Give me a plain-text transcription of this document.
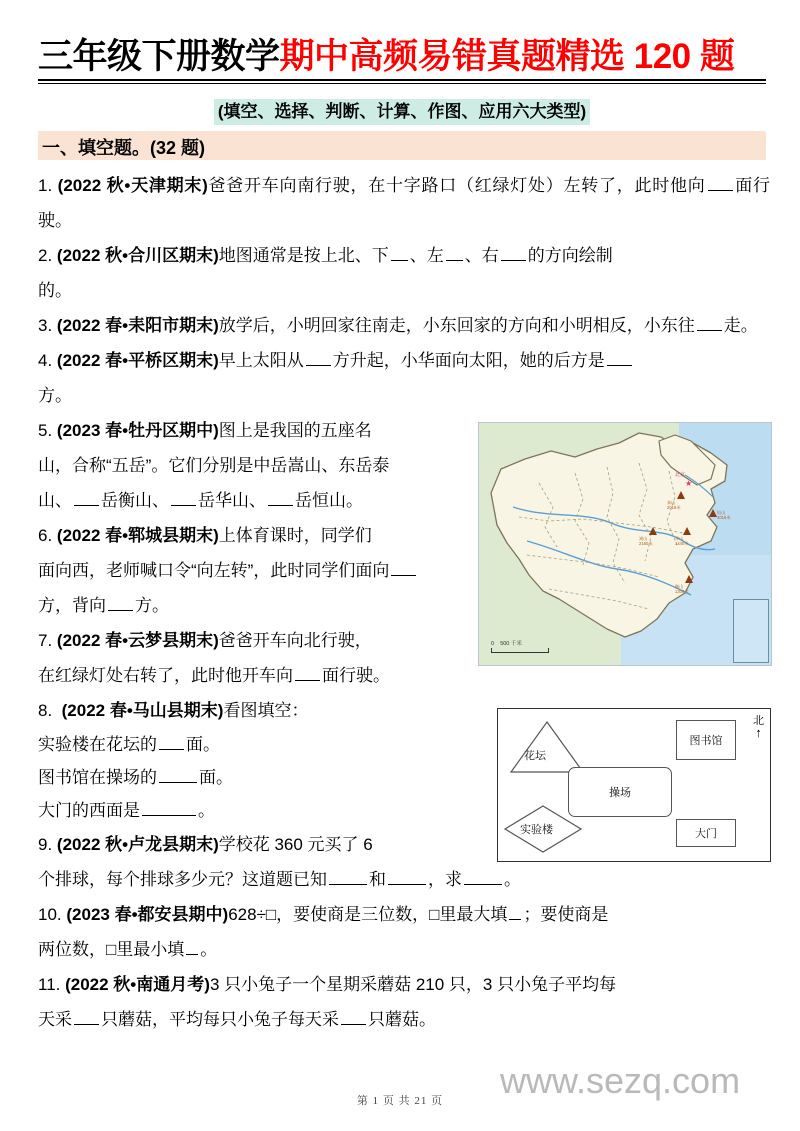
三年级下册数学期中高频易错真题精选 120 题
(填空、选择、判断、计算、作图、应用六大类型)
一、填空题。(32 题)
1. (2022 秋•天津期末)爸爸开车向南行驶，在十字路口（红绿灯处）左转了，此时他向 面行驶。
2. (2022 秋•合川区期末)地图通常是按上北、下 、左 、右 的方向绘制
的。
3. (2022 春•耒阳市期末)放学后，小明回家往南走，小东回家的方向和小明相反，小东往 走。
4. (2022 春•平桥区期末)早上太阳从 方升起，小华面向太阳，她的后方是
方。
5. (2023 春•牡丹区期中)图上是我国的五座名
山，合称“五岳”。它们分别是中岳嵩山、东岳泰
山、 岳衡山、 岳华山、 岳恒山。
6. (2022 春•郓城县期末)上体育课时，同学们
面向西，老师喊口令“向左转”，此时同学们面向
方，背向 方。
7. (2022 春•云梦县期末)爸爸开车向北行驶，
在红绿灯处右转了，此时他开车向 面行驶。
8. (2022 春•马山县期末)看图填空：
实验楼在花坛的 面。
图书馆在操场的 面。
大门的西面是	。
9. (2022 秋•卢龙县期末)学校花 360 元买了 6
个排球，每个排球多少元？这道题已知 和 ，求 。
10. (2023 春•都安县期中)628÷□，要使商是三位数，□里最大填 ；要使商是
两位数，□里最小填 。
11. (2022 秋•南通月考)3 只小兔子一个星期采蘑菇 210 只，3 只小兔子平均每
天采 只蘑菇，平均每只小兔子每天采 只蘑菇。
★
北京
泰山
2018米
嵩山
2160米
华山
1440米
恒山
2016米
衡山
1300米
0 500 千米
花坛
图书馆
操场
实验楼	大门
北
↑
www.sezq.com
第 1 页 共 21 页
